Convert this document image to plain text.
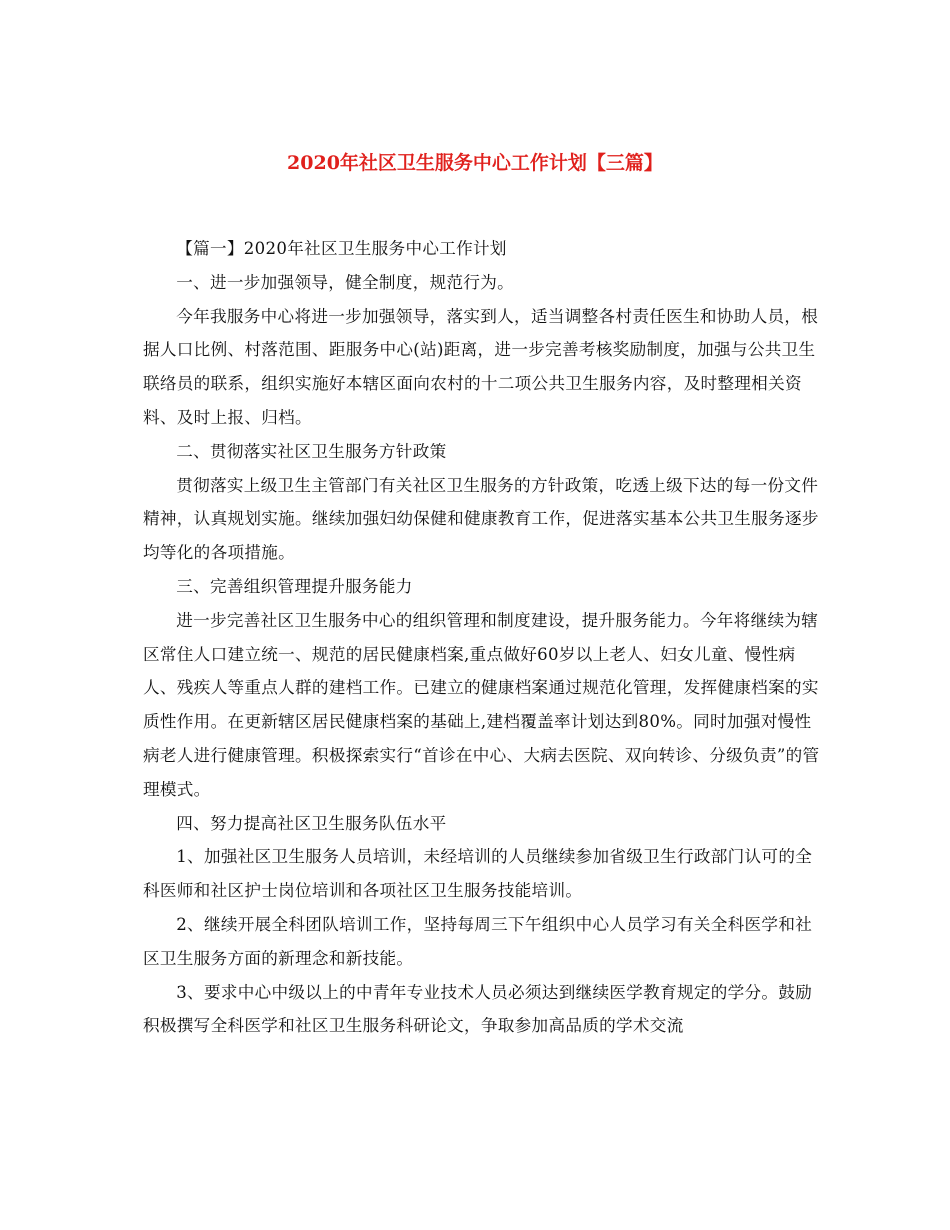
2020年社区卫生服务中心工作计划【三篇】

【篇一】2020年社区卫生服务中心工作计划

一、进一步加强领导，健全制度，规范行为。

今年我服务中心将进一步加强领导，落实到人，适当调整各村责任医生和协助人员，根据人口比例、村落范围、距服务中心(站)距离，进一步完善考核奖励制度，加强与公共卫生联络员的联系，组织实施好本辖区面向农村的十二项公共卫生服务内容，及时整理相关资料、及时上报、归档。

二、贯彻落实社区卫生服务方针政策

贯彻落实上级卫生主管部门有关社区卫生服务的方针政策，吃透上级下达的每一份文件精神，认真规划实施。继续加强妇幼保健和健康教育工作，促进落实基本公共卫生服务逐步均等化的各项措施。

三、完善组织管理提升服务能力

进一步完善社区卫生服务中心的组织管理和制度建设，提升服务能力。今年将继续为辖区常住人口建立统一、规范的居民健康档案,重点做好60岁以上老人、妇女儿童、慢性病人、残疾人等重点人群的建档工作。已建立的健康档案通过规范化管理，发挥健康档案的实质性作用。在更新辖区居民健康档案的基础上,建档覆盖率计划达到80%。同时加强对慢性病老人进行健康管理。积极探索实行“首诊在中心、大病去医院、双向转诊、分级负责”的管理模式。

四、努力提高社区卫生服务队伍水平

1、加强社区卫生服务人员培训，未经培训的人员继续参加省级卫生行政部门认可的全科医师和社区护士岗位培训和各项社区卫生服务技能培训。

2、继续开展全科团队培训工作，坚持每周三下午组织中心人员学习有关全科医学和社区卫生服务方面的新理念和新技能。

3、要求中心中级以上的中青年专业技术人员必须达到继续医学教育规定的学分。鼓励积极撰写全科医学和社区卫生服务科研论文，争取参加高品质的学术交流
